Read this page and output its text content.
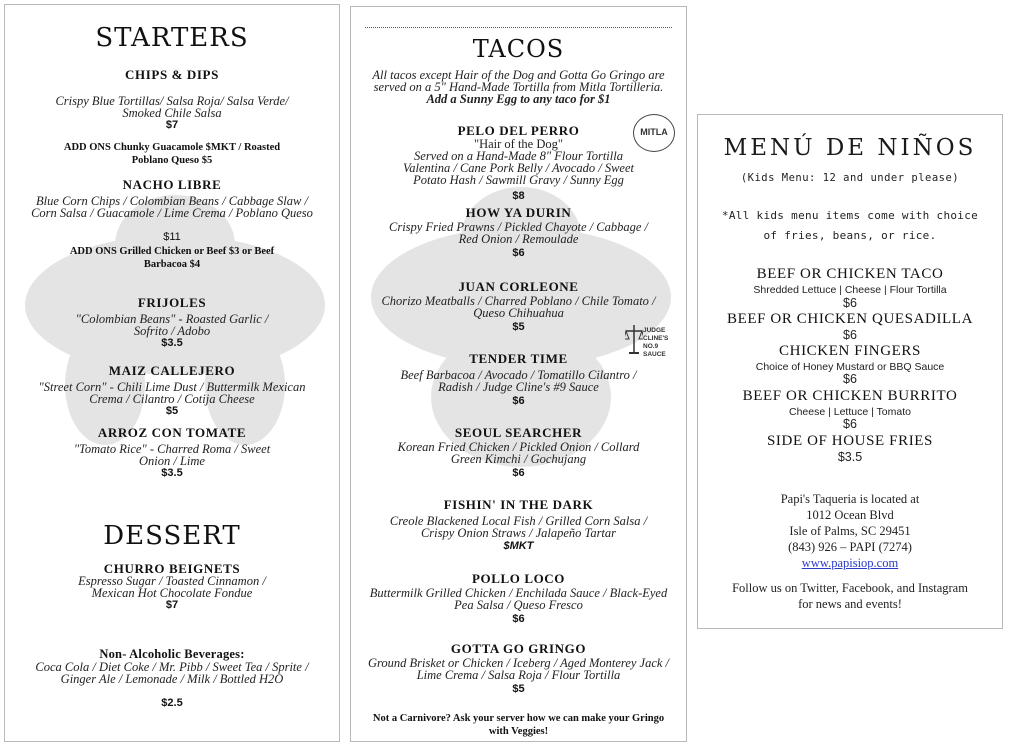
STARTERS
CHIPS & DIPS
Crispy Blue Tortillas/ Salsa Roja/ Salsa Verde/ Smoked Chile Salsa
$7
ADD ONS Chunky Guacamole $MKT / Roasted Poblano Queso $5
NACHO LIBRE
Blue Corn Chips / Colombian Beans / Cabbage Slaw / Corn Salsa / Guacamole / Lime Crema / Poblano Queso
$11
ADD ONS Grilled Chicken or Beef $3 or Beef Barbacoa $4
FRIJOLES
"Colombian Beans" - Roasted Garlic / Sofrito / Adobo
$3.5
MAIZ CALLEJERO
"Street Corn" - Chili Lime Dust / Buttermilk Mexican Crema / Cilantro / Cotija Cheese
$5
ARROZ CON TOMATE
"Tomato Rice" - Charred Roma / Sweet Onion / Lime
$3.5
DESSERT
CHURRO BEIGNETS
Espresso Sugar / Toasted Cinnamon / Mexican Hot Chocolate Fondue
$7
Non- Alcoholic Beverages:
Coca Cola / Diet Coke / Mr. Pibb / Sweet Tea / Sprite / Ginger Ale / Lemonade / Milk / Bottled H2O
$2.5
TACOS
All tacos except Hair of the Dog and Gotta Go Gringo are served on a 5" Hand-Made Tortilla from Mitla Tortilleria. Add a Sunny Egg to any taco for $1
MITLA
JUDGE CLINE'S NO.9 SAUCE
PELO DEL PERRO
"Hair of the Dog"
Served on a Hand-Made 8" Flour Tortilla Valentina / Cane Pork Belly / Avocado / Sweet Potato Hash / Sawmill Gravy / Sunny Egg
$8
HOW YA DURIN
Crispy Fried Prawns / Pickled Chayote / Cabbage / Red Onion / Remoulade
$6
JUAN CORLEONE
Chorizo Meatballs / Charred Poblano / Chile Tomato / Queso Chihuahua
$5
TENDER TIME
Beef Barbacoa / Avocado / Tomatillo Cilantro / Radish / Judge Cline's #9 Sauce
$6
SEOUL SEARCHER
Korean Fried Chicken / Pickled Onion / Collard Green Kimchi / Gochujang
$6
FISHIN' IN THE DARK
Creole Blackened Local Fish / Grilled Corn Salsa / Crispy Onion Straws / Jalapeño Tartar
$MKT
POLLO LOCO
Buttermilk Grilled Chicken / Enchilada Sauce / Black-Eyed Pea Salsa / Queso Fresco
$6
GOTTA GO GRINGO
Ground Brisket or Chicken / Iceberg / Aged Monterey Jack / Lime Crema / Salsa Roja / Flour Tortilla
$5
Not a Carnivore? Ask your server how we can make your Gringo with Veggies!
MENÚ DE NIÑOS
(Kids Menu: 12 and under please)
*All kids menu items come with choice of fries, beans, or rice.
BEEF OR CHICKEN TACO
Shredded Lettuce | Cheese | Flour Tortilla
$6
BEEF OR CHICKEN QUESADILLA
$6
CHICKEN FINGERS
Choice of Honey Mustard or BBQ Sauce
$6
BEEF OR CHICKEN BURRITO
Cheese | Lettuce | Tomato
$6
SIDE OF HOUSE FRIES
$3.5
Papi's Taqueria is located at
1012 Ocean Blvd
Isle of Palms, SC 29451
(843) 926 – PAPI (7274)
www.papisiop.com
Follow us on Twitter, Facebook, and Instagram for news and events!
